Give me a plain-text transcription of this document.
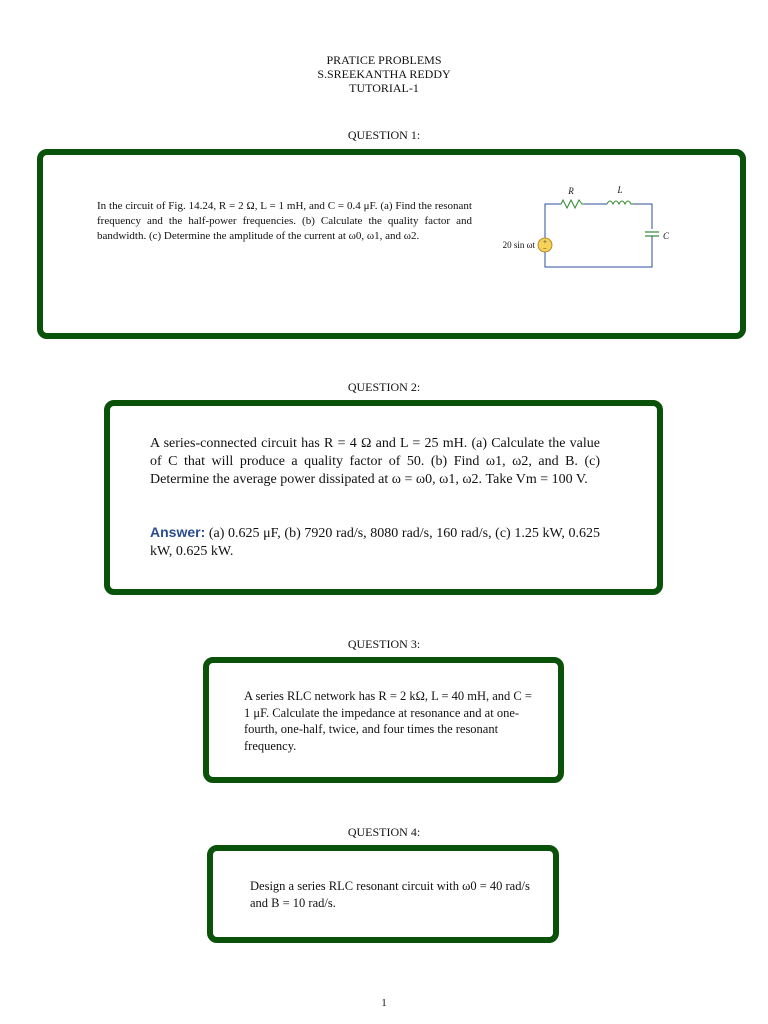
PRATICE PROBLEMS
S.SREEKANTHA REDDY
TUTORIAL-1
QUESTION 1:
In the circuit of Fig. 14.24, R = 2 Ω, L = 1 mH, and C = 0.4 μF. (a) Find the resonant frequency and the half-power frequencies. (b) Calculate the quality factor and bandwidth. (c) Determine the amplitude of the current at ω0, ω1, and ω2.	+
−
R	L
C
20 sin ωt
QUESTION 2:
A series-connected circuit has R = 4 Ω and L = 25 mH. (a) Calculate the value of C that will produce a quality factor of 50. (b) Find ω1, ω2, and B. (c) Determine the average power dissipated at ω = ω0, ω1, ω2. Take Vm = 100 V.
Answer: (a) 0.625 μF, (b) 7920 rad/s, 8080 rad/s, 160 rad/s, (c) 1.25 kW, 0.625 kW, 0.625 kW.
QUESTION 3:
A series RLC network has R = 2 kΩ, L = 40 mH, and C = 1 μF. Calculate the impedance at resonance and at one-fourth, one-half, twice, and four times the resonant frequency.
QUESTION 4:
Design a series RLC resonant circuit with ω0 = 40 rad/s and B = 10 rad/s.
1
